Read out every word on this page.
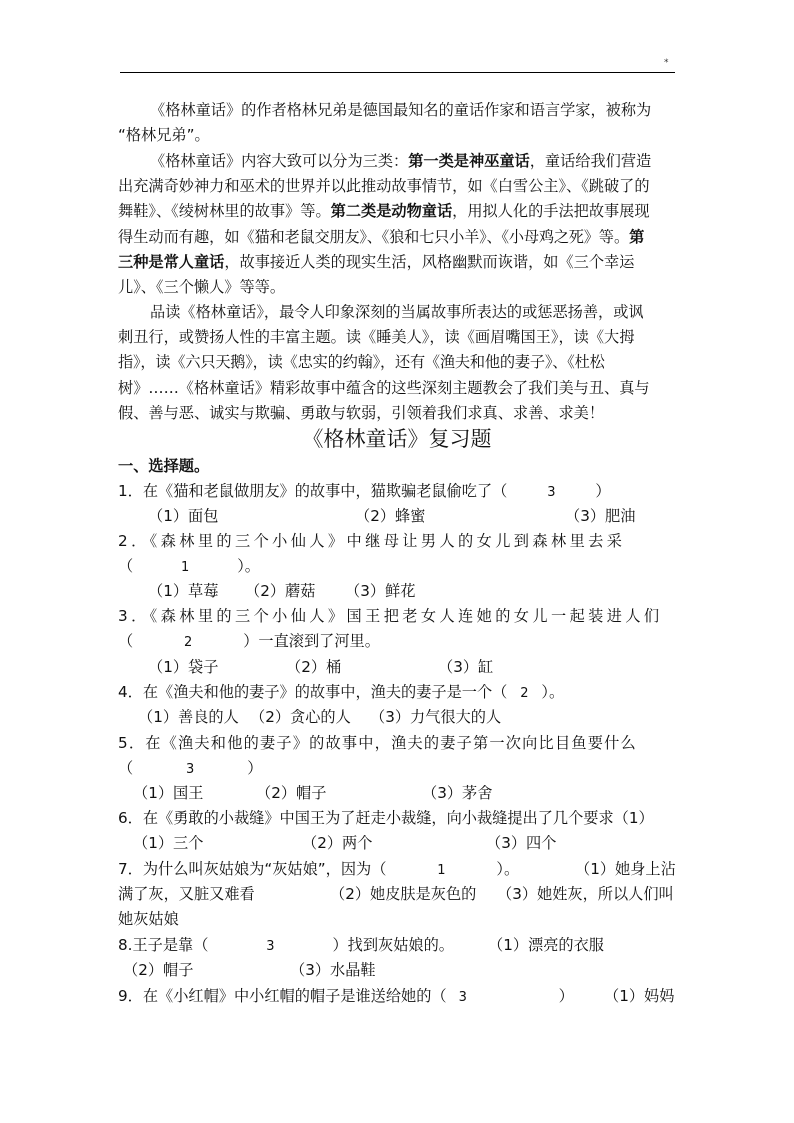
*
《格林童话》的作者格林兄弟是德国最知名的童话作家和语言学家，被称为
“格林兄弟”。
《格林童话》内容大致可以分为三类：第一类是神巫童话，童话给我们营造
出充满奇妙神力和巫术的世界并以此推动故事情节，如《白雪公主》、《跳破了的
舞鞋》、《绫树林里的故事》等。第二类是动物童话，用拟人化的手法把故事展现
得生动而有趣，如《猫和老鼠交朋友》、《狼和七只小羊》、《小母鸡之死》等。第
三种是常人童话，故事接近人类的现实生活，风格幽默而诙谐，如《三个幸运
儿》、《三个懒人》等等。
品读《格林童话》，最令人印象深刻的当属故事所表达的或惩恶扬善，或讽
刺丑行，或赞扬人性的丰富主题。读《睡美人》，读《画眉嘴国王》，读《大拇
指》，读《六只天鹅》，读《忠实的约翰》，还有《渔夫和他的妻子》、《杜松
树》……《格林童话》精彩故事中蕴含的这些深刻主题教会了我们美与丑、真与
假、善与恶、诚实与欺骗、勇敢与软弱，引领着我们求真、求善、求美！
《格林童话》复习题
一、选择题。
1．在《猫和老鼠做朋友》的故事中，猫欺骗老鼠偷吃了（	3	）
（1）面包	（2）蜂蜜	（3）肥油
2．《森林里的三个小仙人》中继母让男人的女儿到森林里去采
（	1	）。
（1）草莓 （2）蘑菇 （3）鲜花
3．《森林里的三个小仙人》国王把老女人连她的女儿一起装进人们
（	2	）一直滚到了河里。
（1）袋子	（2）桶	（3）缸
4．在《渔夫和他的妻子》的故事中，渔夫的妻子是一个（ 2 ）。
（1）善良的人 （2）贪心的人 （3）力气很大的人
5．在《渔夫和他的妻子》的故事中，渔夫的妻子第一次向比目鱼要什么
（	3	）
（1）国王	（2）帽子	（3）茅舍
6．在《勇敢的小裁缝》中国王为了赶走小裁缝，向小裁缝提出了几个要求（1）
（1）三个	（2）两个	（3）四个
7．为什么叫灰姑娘为“灰姑娘”，因为（	1	）。	（1）她身上沾
满了灰，又脏又难看	（2）她皮肤是灰色的 （3）她姓灰，所以人们叫
她灰姑娘
8.王子是靠（	3	）找到灰姑娘的。 （1）漂亮的衣服
（2）帽子	（3）水晶鞋
9．在《小红帽》中小红帽的帽子是谁送给她的（ 3	） （1）妈妈
